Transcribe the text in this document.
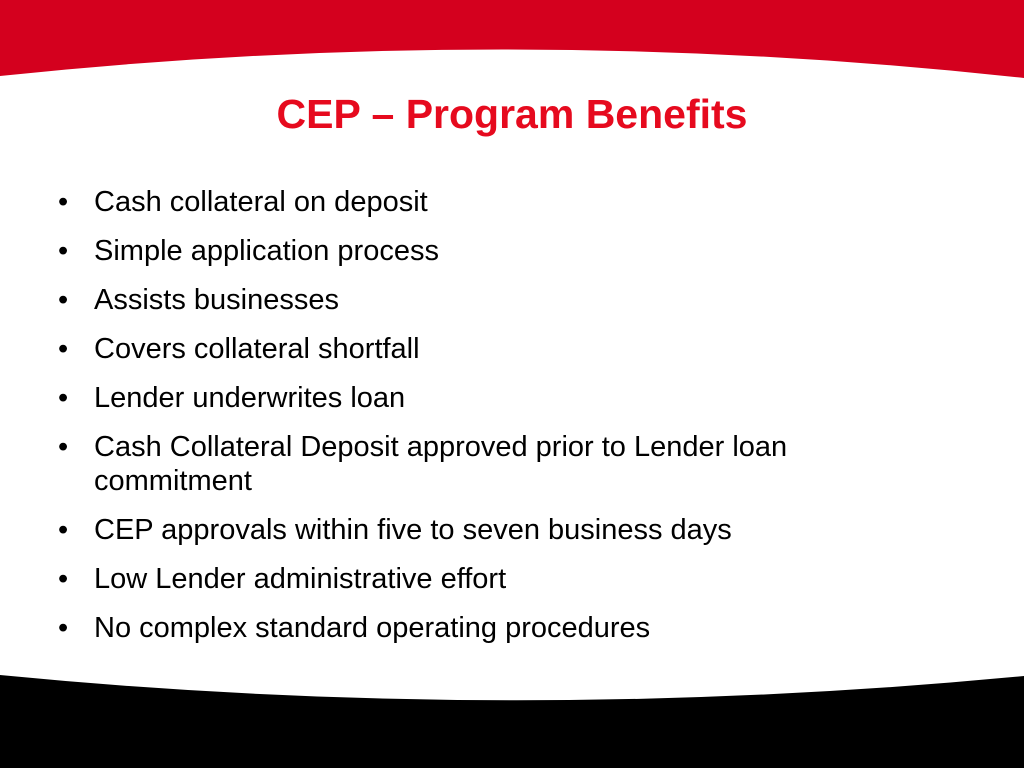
CEP – Program Benefits
• Cash collateral on deposit
• Simple application process
• Assists businesses
• Covers collateral shortfall
• Lender underwrites loan
• Cash Collateral Deposit approved prior to Lender loan commitment
• CEP approvals within five to seven business days
• Low Lender administrative effort
• No complex standard operating procedures
